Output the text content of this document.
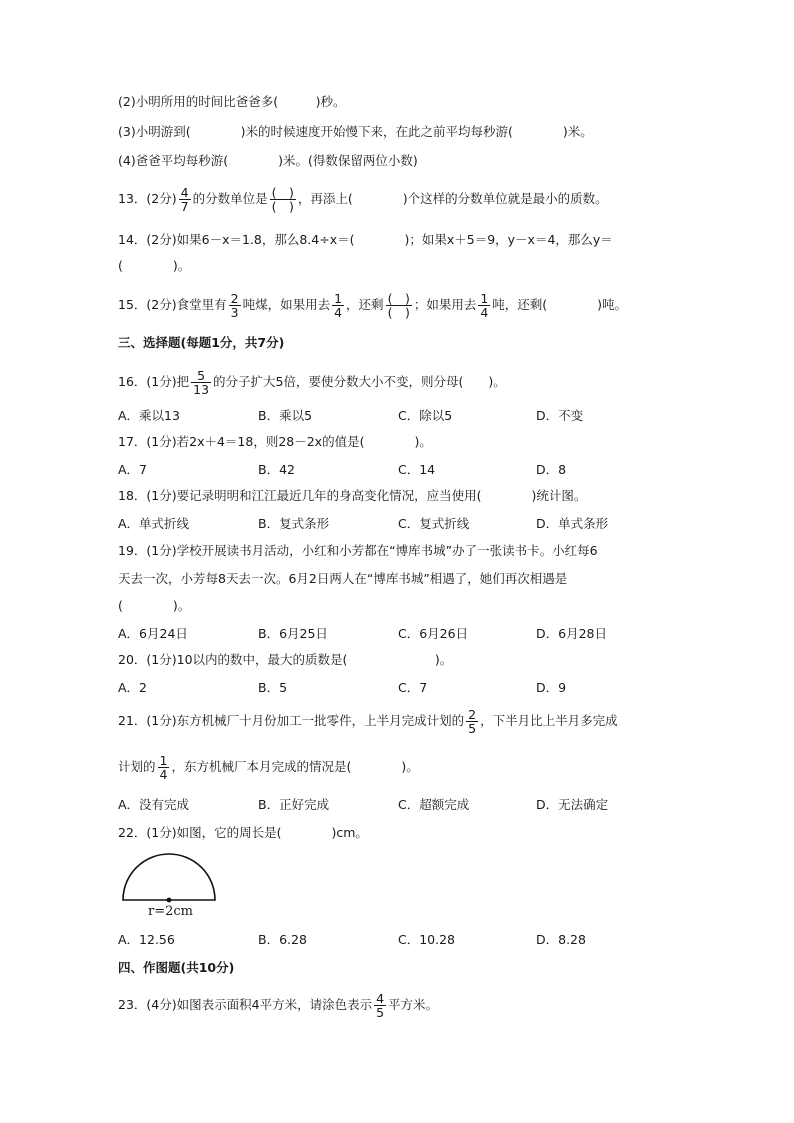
(2)小明所用的时间比爸爸多(　　　)秒。
(3)小明游到(　　　　)米的时候速度开始慢下来，在此之前平均每秒游(　　　　)米。
(4)爸爸平均每秒游(　　　　)米。(得数保留两位小数)
13．(2分) $\frac{4}{7}$ 的分数单位是 $\frac{( )}{( )}$ ，再添上(　　　　)个这样的分数单位就是最小的质数。
14．(2分)如果6－x＝1.8，那么8.4÷x＝(　　　　)；如果x＋5＝9，y－x＝4，那么y＝
(　　　　)。
15．(2分)食堂里有 $\frac{2}{3}$ 吨煤，如果用去 $\frac{1}{4}$ ，还剩 $\frac{( )}{( )}$ ；如果用去 $\frac{1}{4}$ 吨，还剩(　　　　)吨。
三、选择题(每题1分，共7分)
16．(1分)把 $\frac{5}{13}$ 的分子扩大5倍，要使分数大小不变，则分母(　　)。
A．乘以13	B．乘以5	C．除以5	D．不变
17．(1分)若2x＋4＝18，则28－2x的值是(　　　　)。
A．7	B．42	C．14	D．8
18．(1分)要记录明明和江江最近几年的身高变化情况，应当使用(　　　　)统计图。
A．单式折线	B．复式条形	C．复式折线	D．单式条形
19．(1分)学校开展读书月活动，小红和小芳都在“博库书城”办了一张读书卡。小红每6
天去一次，小芳每8天去一次。6月2日两人在“博库书城”相遇了，她们再次相遇是
(　　　　)。
A．6月24日	B．6月25日	C．6月26日	D．6月28日
20．(1分)10以内的数中，最大的质数是(　　　　　　　)。
A．2	B．5	C．7	D．9
21．(1分)东方机械厂十月份加工一批零件，上半月完成计划的 $\frac{2}{5}$ ，下半月比上半月多完成
计划的 $\frac{1}{4}$ ，东方机械厂本月完成的情况是(　　　　)。
A．没有完成	B．正好完成	C．超额完成	D．无法确定
22．(1分)如图，它的周长是(　　　　)cm。
r=2cm
A．12.56	B．6.28	C．10.28	D．8.28
四、作图题(共10分)
23．(4分)如图表示面积4平方米，请涂色表示 $\frac{4}{5}$ 平方米。
